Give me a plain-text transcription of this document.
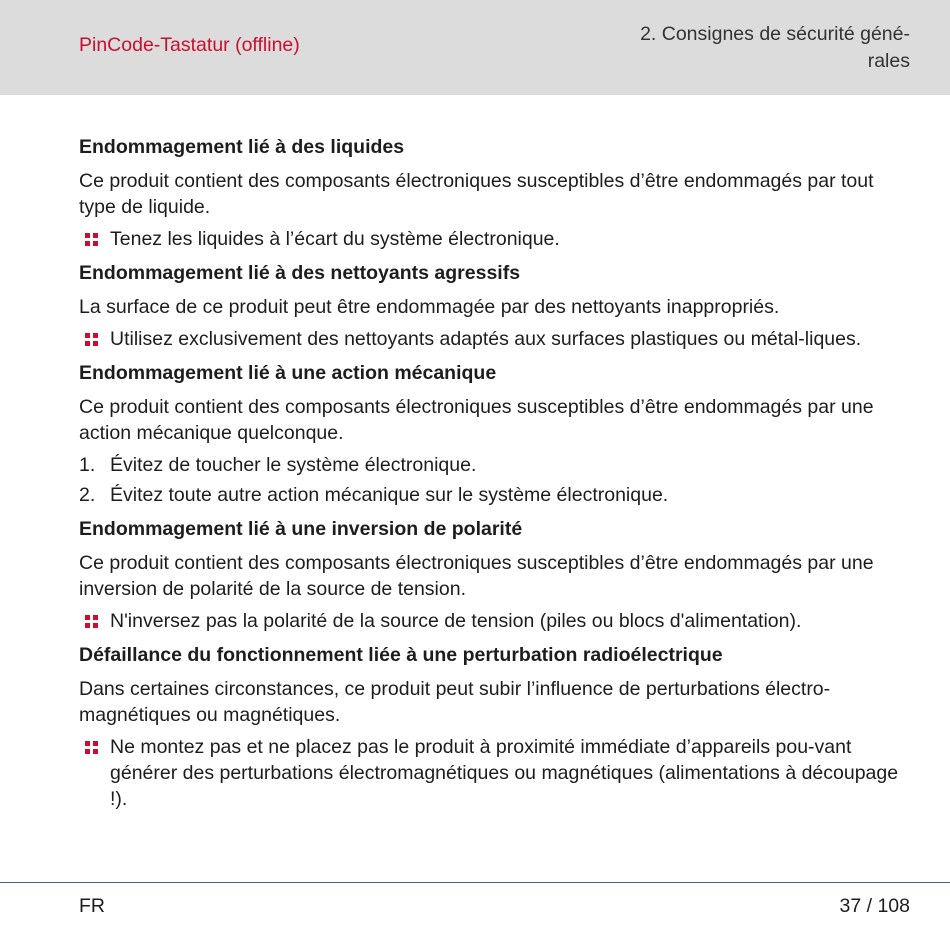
PinCode-Tastatur (offline)	2. Consignes de sécurité géné-
rales
Endommagement lié à des liquides
Ce produit contient des composants électroniques susceptibles d’être endommagés par tout type de liquide.
Tenez les liquides à l’écart du système électronique.
Endommagement lié à des nettoyants agressifs
La surface de ce produit peut être endommagée par des nettoyants inappropriés.
Utilisez exclusivement des nettoyants adaptés aux surfaces plastiques ou métal-liques.
Endommagement lié à une action mécanique
Ce produit contient des composants électroniques susceptibles d’être endommagés par une action mécanique quelconque.
1. Évitez de toucher le système électronique.
2. Évitez toute autre action mécanique sur le système électronique.
Endommagement lié à une inversion de polarité
Ce produit contient des composants électroniques susceptibles d’être endommagés par une inversion de polarité de la source de tension.
N'inversez pas la polarité de la source de tension (piles ou blocs d'alimentation).
Défaillance du fonctionnement liée à une perturbation radioélectrique
Dans certaines circonstances, ce produit peut subir l’influence de perturbations électro-magnétiques ou magnétiques.
Ne montez pas et ne placez pas le produit à proximité immédiate d’appareils pou-vant générer des perturbations électromagnétiques ou magnétiques (alimentations à découpage !).
FR	37 / 108
